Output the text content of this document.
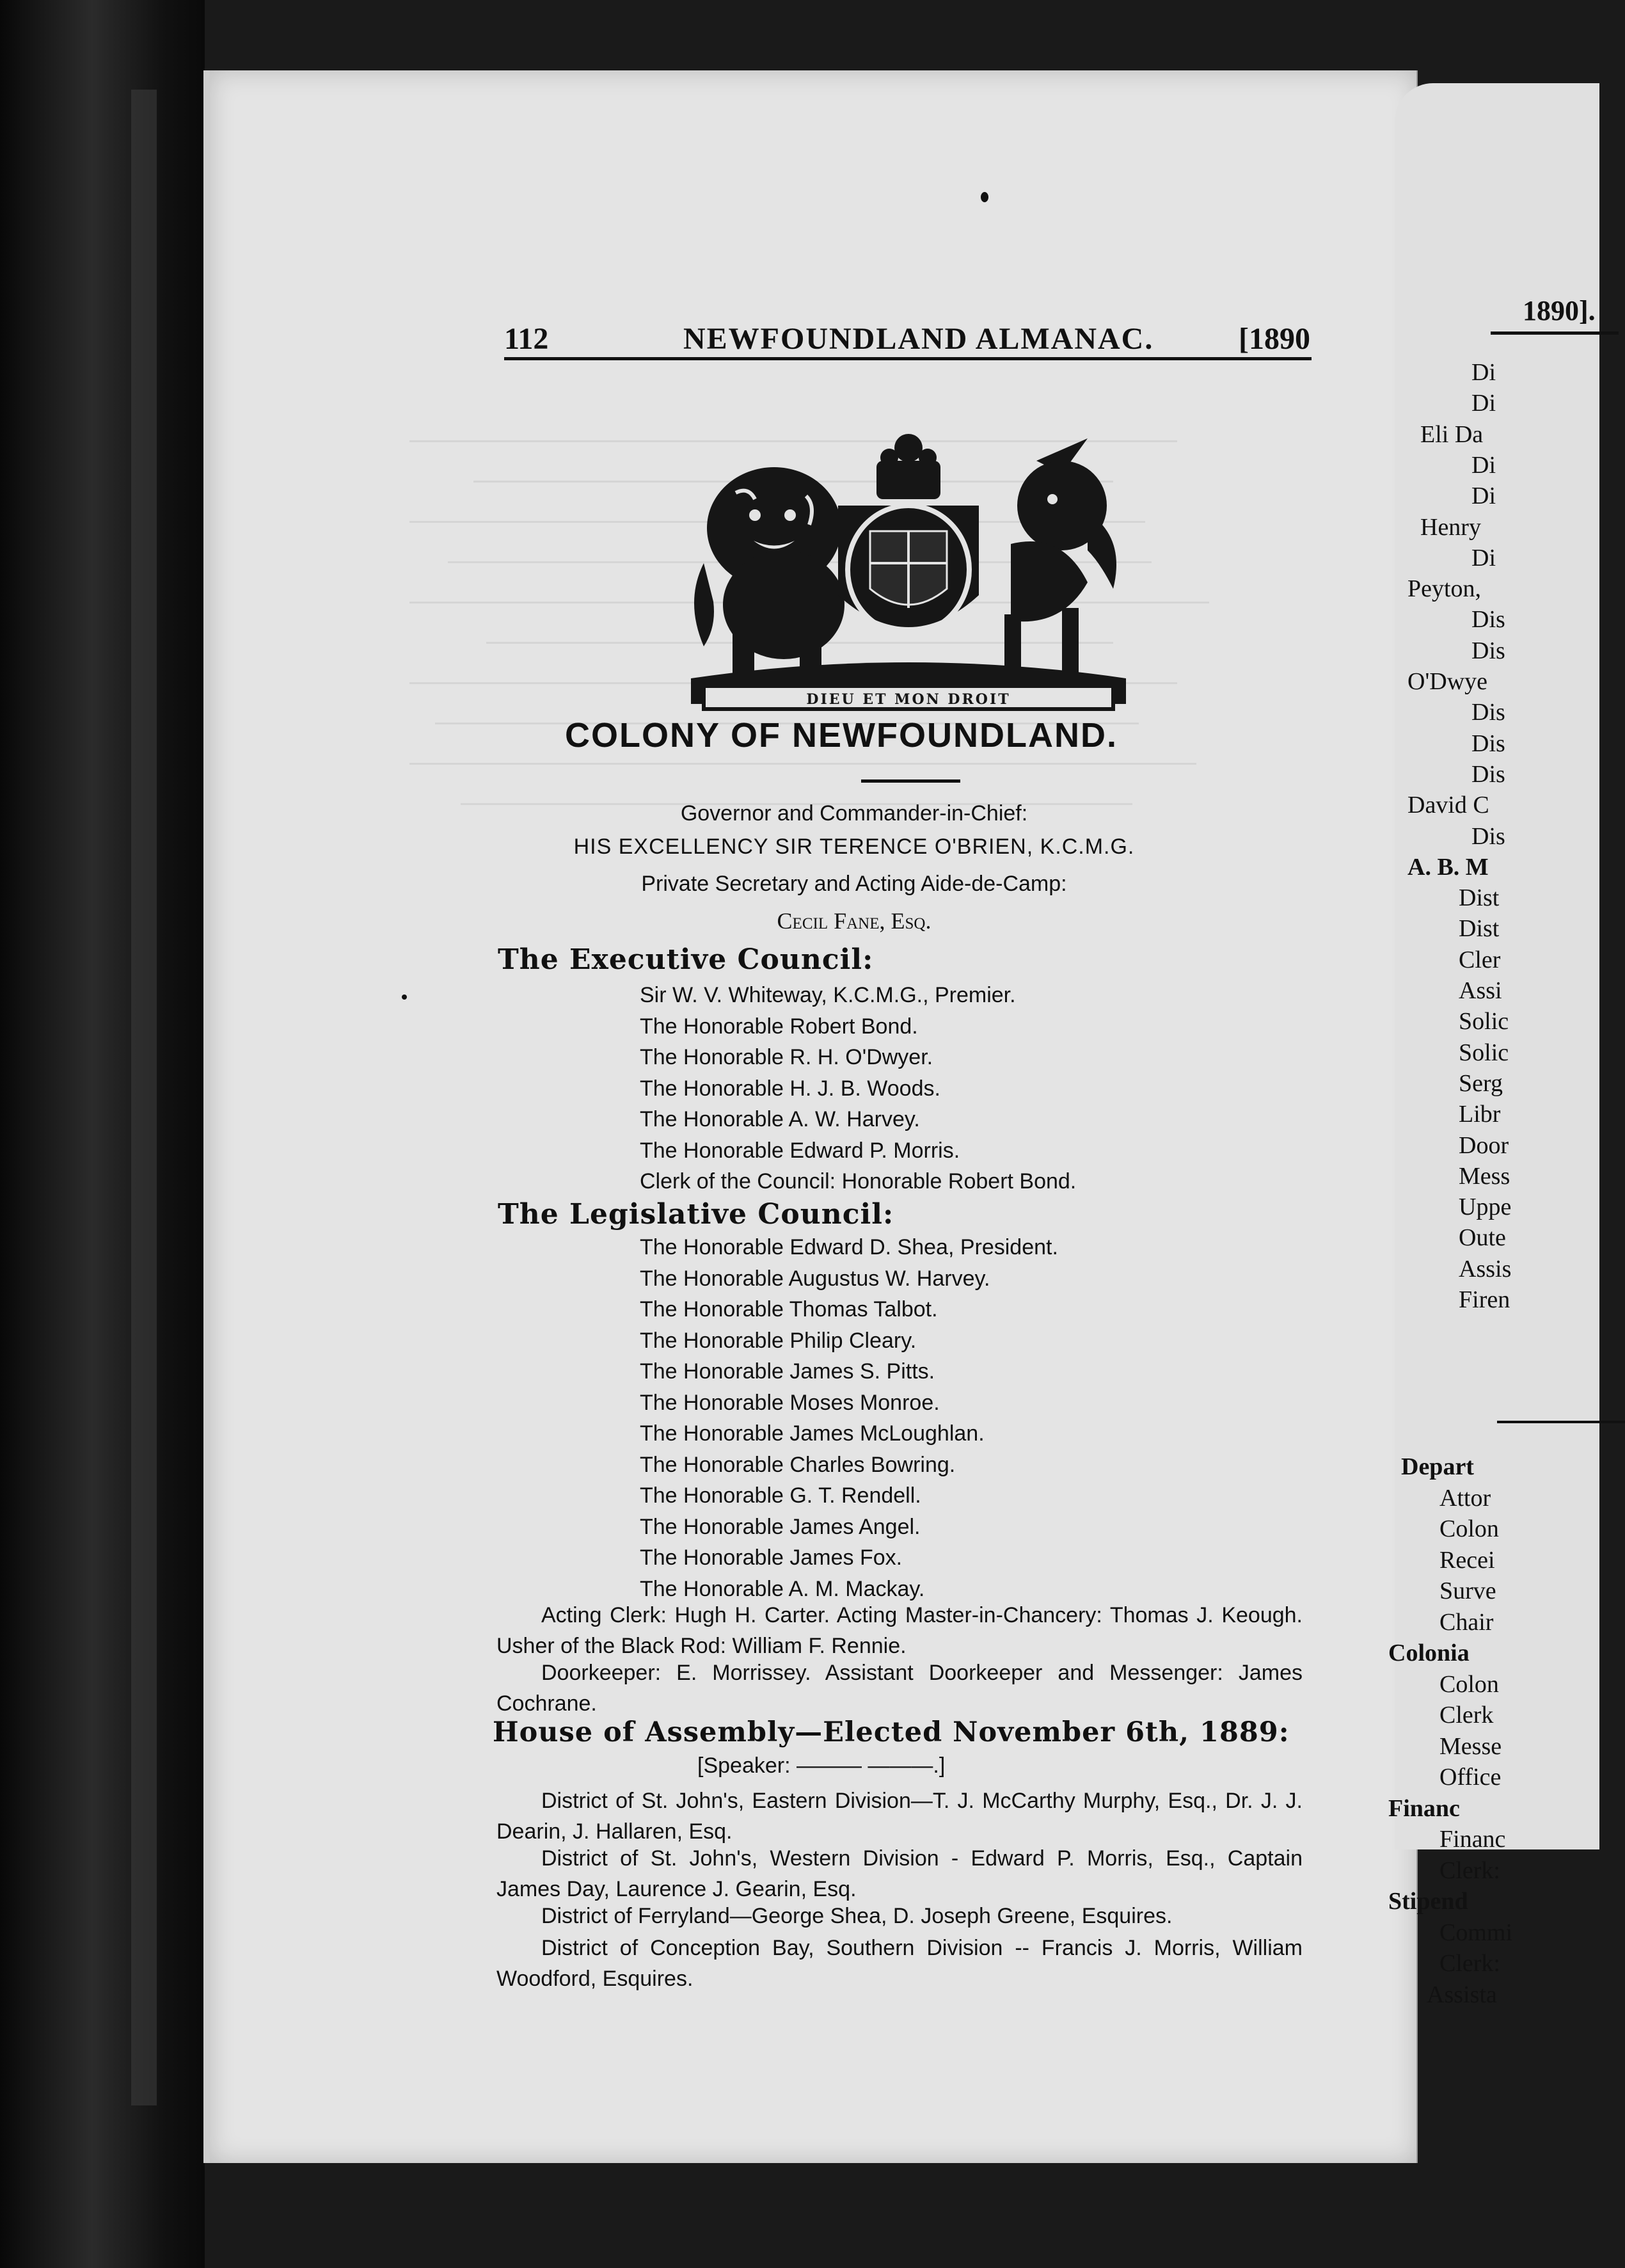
1890].
Di
Di
Eli Da
Di
Di
Henry
Di
Peyton,
Dis
Dis
O'Dwye
Dis
Dis
Dis
David C
Dis
A. B. M
Dist
Dist
Cler
Assi
Solic
Solic
Serg
Libr
Door
Mess
Uppe
Oute
Assis
Firen
Depart
Attor
Colon
Recei
Surve
Chair
Colonia
Colon
Clerk
Messe
Office
Financ
Financ
Clerk:
Stipend
Commi
Clerk:
Assista
112	NEWFOUNDLAND ALMANAC.	[1890
DIEU ET MON DROIT
COLONY OF NEWFOUNDLAND.
Governor and Commander-in-Chief:
HIS EXCELLENCY SIR TERENCE O'BRIEN, K.C.M.G.
Private Secretary and Acting Aide-de-Camp:
Cecil Fane, Esq.
The Executive Council:
Sir W. V. Whiteway, K.C.M.G., Premier.
The Honorable Robert Bond.
The Honorable R. H. O'Dwyer.
The Honorable H. J. B. Woods.
The Honorable A. W. Harvey.
The Honorable Edward P. Morris.
Clerk of the Council: Honorable Robert Bond.
The Legislative Council:
The Honorable Edward D. Shea, President.
The Honorable Augustus W. Harvey.
The Honorable Thomas Talbot.
The Honorable Philip Cleary.
The Honorable James S. Pitts.
The Honorable Moses Monroe.
The Honorable James McLoughlan.
The Honorable Charles Bowring.
The Honorable G. T. Rendell.
The Honorable James Angel.
The Honorable James Fox.
The Honorable A. M. Mackay.
Acting Clerk: Hugh H. Carter. Acting Master-in-Chancery: Thomas J. Keough. Usher of the Black Rod: William F. Rennie.
Doorkeeper: E. Morrissey. Assistant Doorkeeper and Messenger: James Cochrane.
House of Assembly—Elected November 6th, 1889:
[Speaker: ——— ———.]
District of St. John's, Eastern Division—T. J. McCarthy Murphy, Esq., Dr. J. J. Dearin, J. Hallaren, Esq.
District of St. John's, Western Division - Edward P. Morris, Esq., Captain James Day, Laurence J. Gearin, Esq.
District of Ferryland—George Shea, D. Joseph Greene, Esquires.
District of Conception Bay, Southern Division -- Francis J. Morris, William Woodford, Esquires.
